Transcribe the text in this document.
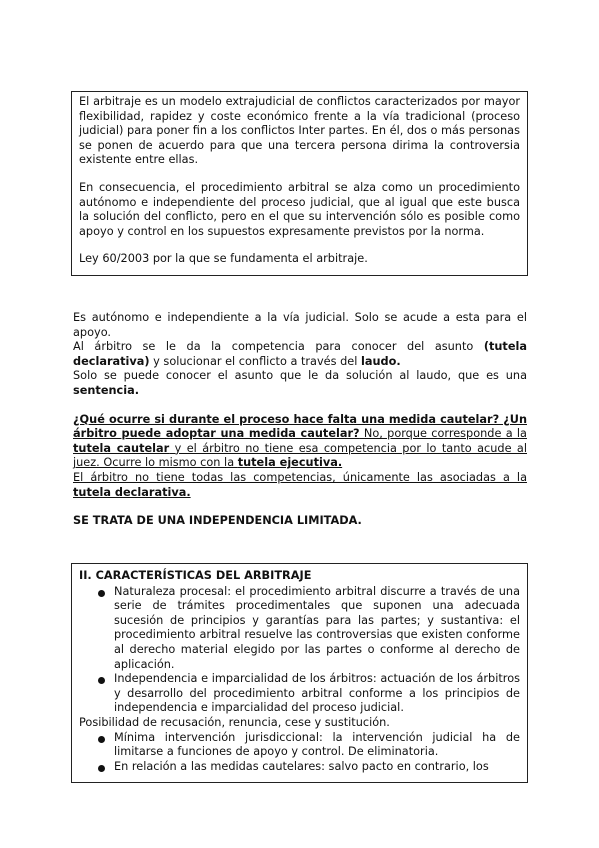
El arbitraje es un modelo extrajudicial de conflictos caracterizados por mayor flexibilidad, rapidez y coste económico frente a la vía tradicional (proceso judicial) para poner fin a los conflictos Inter partes. En él, dos o más personas se ponen de acuerdo para que una tercera persona dirima la controversia existente entre ellas.

En consecuencia, el procedimiento arbitral se alza como un procedimiento autónomo e independiente del proceso judicial, que al igual que este busca la solución del conflicto, pero en el que su intervención sólo es posible como apoyo y control en los supuestos expresamente previstos por la norma.

Ley 60/2003 por la que se fundamenta el arbitraje.

Es autónomo e independiente a la vía judicial. Solo se acude a esta para el apoyo.

Al árbitro se le da la competencia para conocer del asunto (tutela declarativa) y solucionar el conflicto a través del laudo.

Solo se puede conocer el asunto que le da solución al laudo, que es una sentencia.

¿Qué ocurre si durante el proceso hace falta una medida cautelar? ¿Un árbitro puede adoptar una medida cautelar? No, porque corresponde a la tutela cautelar y el árbitro no tiene esa competencia por lo tanto acude al juez. Ocurre lo mismo con la tutela ejecutiva.

El árbitro no tiene todas las competencias, únicamente las asociadas a la tutela declarativa.

SE TRATA DE UNA INDEPENDENCIA LIMITADA.

II. CARACTERÍSTICAS DEL ARBITRAJE
Naturaleza procesal: el procedimiento arbitral discurre a través de una serie de trámites procedimentales que suponen una adecuada sucesión de principios y garantías para las partes; y sustantiva: el procedimiento arbitral resuelve las controversias que existen conforme al derecho material elegido por las partes o conforme al derecho de aplicación.
Independencia e imparcialidad de los árbitros: actuación de los árbitros y desarrollo del procedimiento arbitral conforme a los principios de independencia e imparcialidad del proceso judicial.
Posibilidad de recusación, renuncia, cese y sustitución.
Mínima intervención jurisdiccional: la intervención judicial ha de limitarse a funciones de apoyo y control. De eliminatoria.
En relación a las medidas cautelares: salvo pacto en contrario, los
